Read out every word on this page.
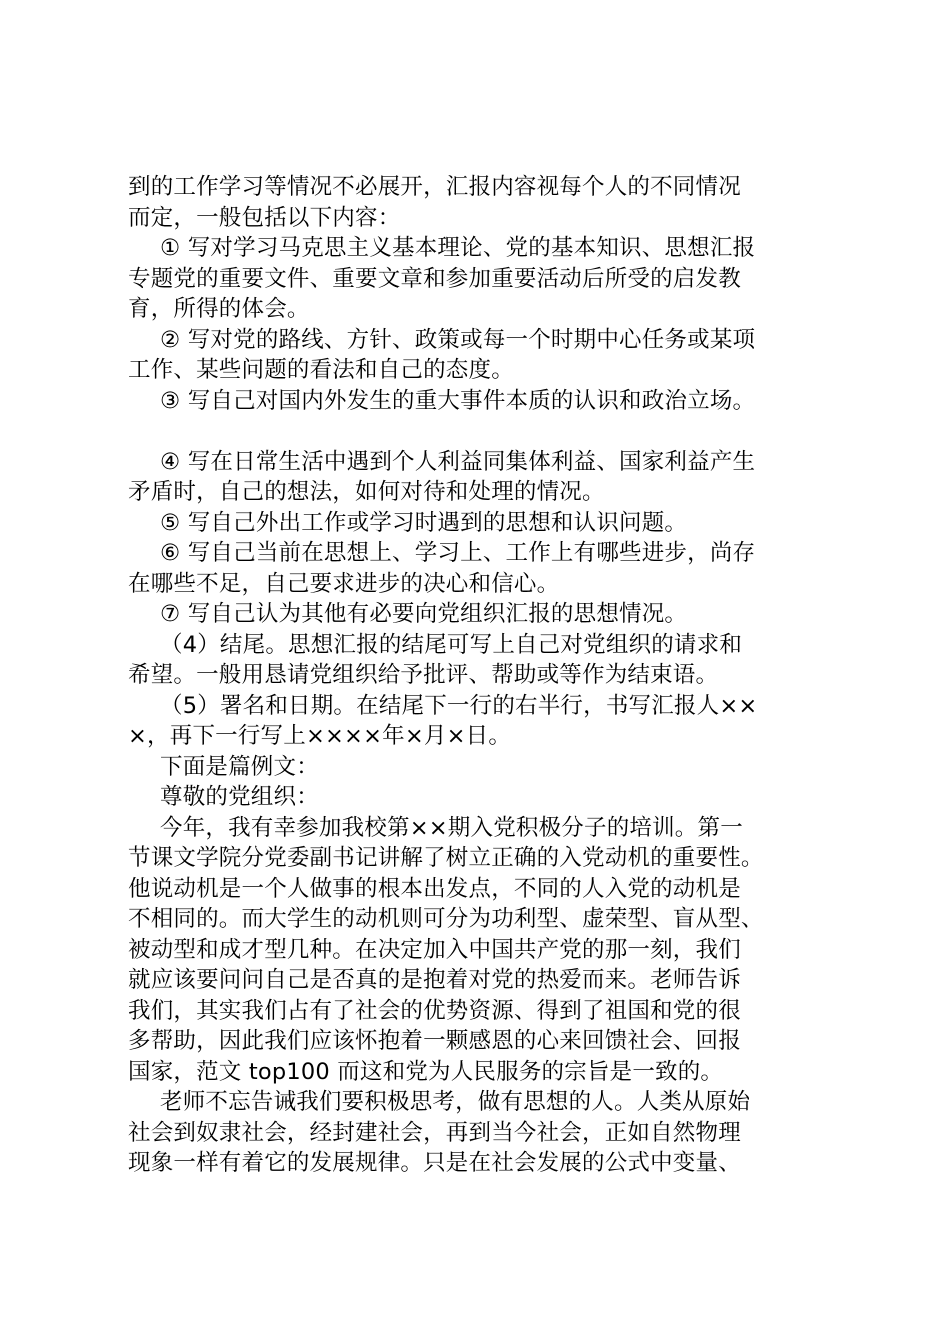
到的工作学习等情况不必展开，汇报内容视每个人的不同情况
而定，一般包括以下内容：
① 写对学习马克思主义基本理论、党的基本知识、思想汇报
专题党的重要文件、重要文章和参加重要活动后所受的启发教
育，所得的体会。
② 写对党的路线、方针、政策或每一个时期中心任务或某项
工作、某些问题的看法和自己的态度。
③ 写自己对国内外发生的重大事件本质的认识和政治立场。
④ 写在日常生活中遇到个人利益同集体利益、国家利益产生
矛盾时，自己的想法，如何对待和处理的情况。
⑤ 写自己外出工作或学习时遇到的思想和认识问题。
⑥ 写自己当前在思想上、学习上、工作上有哪些进步，尚存
在哪些不足，自己要求进步的决心和信心。
⑦ 写自己认为其他有必要向党组织汇报的思想情况。
（4）结尾。思想汇报的结尾可写上自己对党组织的请求和
希望。一般用恳请党组织给予批评、帮助或等作为结束语。
（5）署名和日期。在结尾下一行的右半行，书写汇报人××
×，再下一行写上××××年×月×日。
下面是篇例文：
尊敬的党组织：
今年，我有幸参加我校第××期入党积极分子的培训。第一
节课文学院分党委副书记讲解了树立正确的入党动机的重要性。
他说动机是一个人做事的根本出发点，不同的人入党的动机是
不相同的。而大学生的动机则可分为功利型、虚荣型、盲从型、
被动型和成才型几种。在决定加入中国共产党的那一刻，我们
就应该要问问自己是否真的是抱着对党的热爱而来。老师告诉
我们，其实我们占有了社会的优势资源、得到了祖国和党的很
多帮助，因此我们应该怀抱着一颗感恩的心来回馈社会、回报
国家，范文 top100 而这和党为人民服务的宗旨是一致的。
老师不忘告诫我们要积极思考，做有思想的人。人类从原始
社会到奴隶社会，经封建社会，再到当今社会，正如自然物理
现象一样有着它的发展规律。只是在社会发展的公式中变量、
